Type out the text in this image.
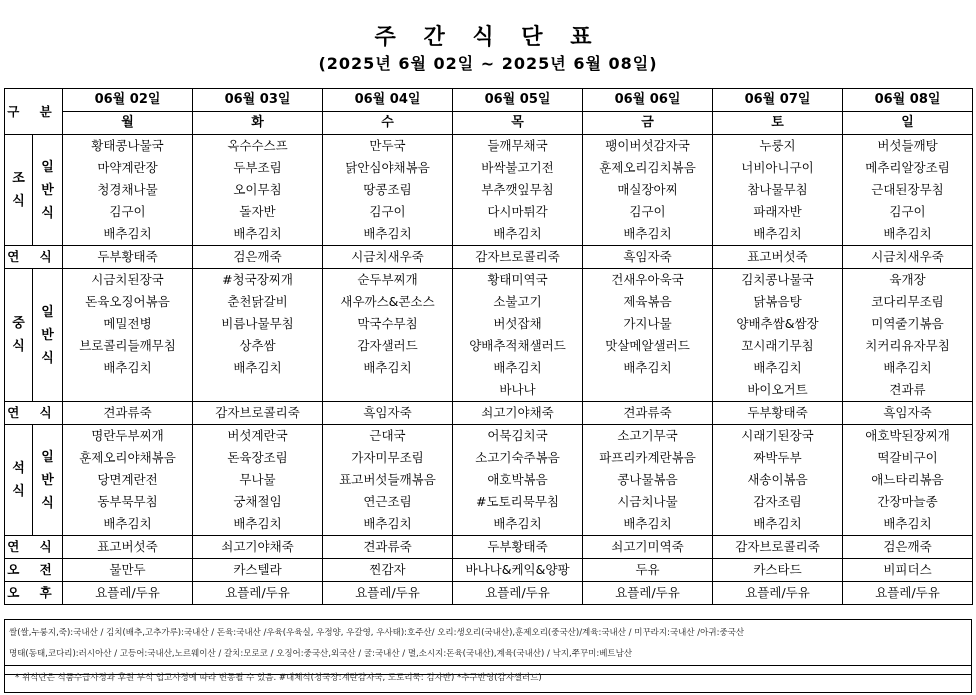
주 간 식 단 표
(2025년 6월 02일 ~ 2025년 6월 08일)
구 분		06월 02일	06월 03일	06월 04일	06월 05일	06월 06일	06월 07일	06월 08일
		월	화	수	목	금	토	일
조식	일반식	황태콩나물국	옥수수스프	만두국	들깨무채국	팽이버섯감자국	누룽지	버섯들깨탕
		마약계란장	두부조림	닭안심야채볶음	바싹불고기전	훈제오리김치볶음	너비아니구이	메추리알장조림
		청경채나물	오이무침	땅콩조림	부추깻잎무침	매실장아찌	참나물무침	근대된장무침
		김구이	돌자반	김구이	다시마튀각	김구이	파래자반	김구이
		배추김치	배추김치	배추김치	배추김치	배추김치	배추김치	배추김치
연 식		두부황태죽	검은깨죽	시금치새우죽	감자브로콜리죽	흑임자죽	표고버섯죽	시금치새우죽
중식	일반식	시금치된장국	#청국장찌개	순두부찌개	황태미역국	건새우아욱국	김치콩나물국	육개장
		돈육오징어볶음	춘천닭갈비	새우까스&콘소스	소불고기	제육볶음	닭볶음탕	코다리무조림
		메밀전병	비름나물무침	막국수무침	버섯잡채	가지나물	양배추쌈&쌈장	미역줄기볶음
		브로콜리들깨무침	상추쌈	감자샐러드	양배추적채샐러드	맛살메알샐러드	꼬시래기무침	치커리유자무침
		배추김치	배추김치	배추김치	배추김치	배추김치	배추김치	배추김치
					바나나		바이오거트	견과류
연 식		견과류죽	감자브로콜리죽	흑임자죽	쇠고기야채죽	견과류죽	두부황태죽	흑임자죽
석식	일반식	명란두부찌개	버섯계란국	근대국	어묵김치국	소고기무국	시래기된장국	애호박된장찌개
		훈제오리야채볶음	돈육장조림	가자미무조림	소고기숙주볶음	파프리카계란볶음	짜박두부	떡갈비구이
		당면계란전	무나물	표고버섯들깨볶음	애호박볶음	콩나물볶음	새송이볶음	애느타리볶음
		동부묵무침	궁채절임	연근조림	#도토리묵무침	시금치나물	감자조림	간장마늘종
		배추김치	배추김치	배추김치	배추김치	배추김치	배추김치	배추김치
연 식		표고버섯죽	쇠고기야채죽	견과류죽	두부황태죽	쇠고기미역죽	감자브로콜리죽	검은깨죽
오 전		물만두	카스텔라	찐감자	바나나&케익&양팡	두유	카스타드	비피더스
오 후		요플레/두유	요플레/두유	요플레/두유	요플레/두유	요플레/두유	요플레/두유	요플레/두유
쌀(쌀,누룽지,죽):국내산 / 김치(배추,고추가루):국내산 / 돈육:국내산 /우육(우육실, 우정양, 우갈영, 우사태):호주산/ 오리:생오리(국내산),훈제오리(중국산)/계육:국내산 / 미꾸라지:국내산 /아귀:중국산
명태(동태,코다리):러시아산 / 고등어:국내산,노르웨이산 / 갈치:모로코 / 오징어:중국산,외국산 / 굴:국내산 / 멸,소시지:돈육(국내산),계육(국내산) / 낙지,쭈꾸미:베트남산
* 위식단은 식품수급사정과 후원 부식 입고사정에 따라 변동될 수 있음. #대체식(청국장:계란감자국, 도토리묵: 김자반) *추구반영(감자샐러드)
